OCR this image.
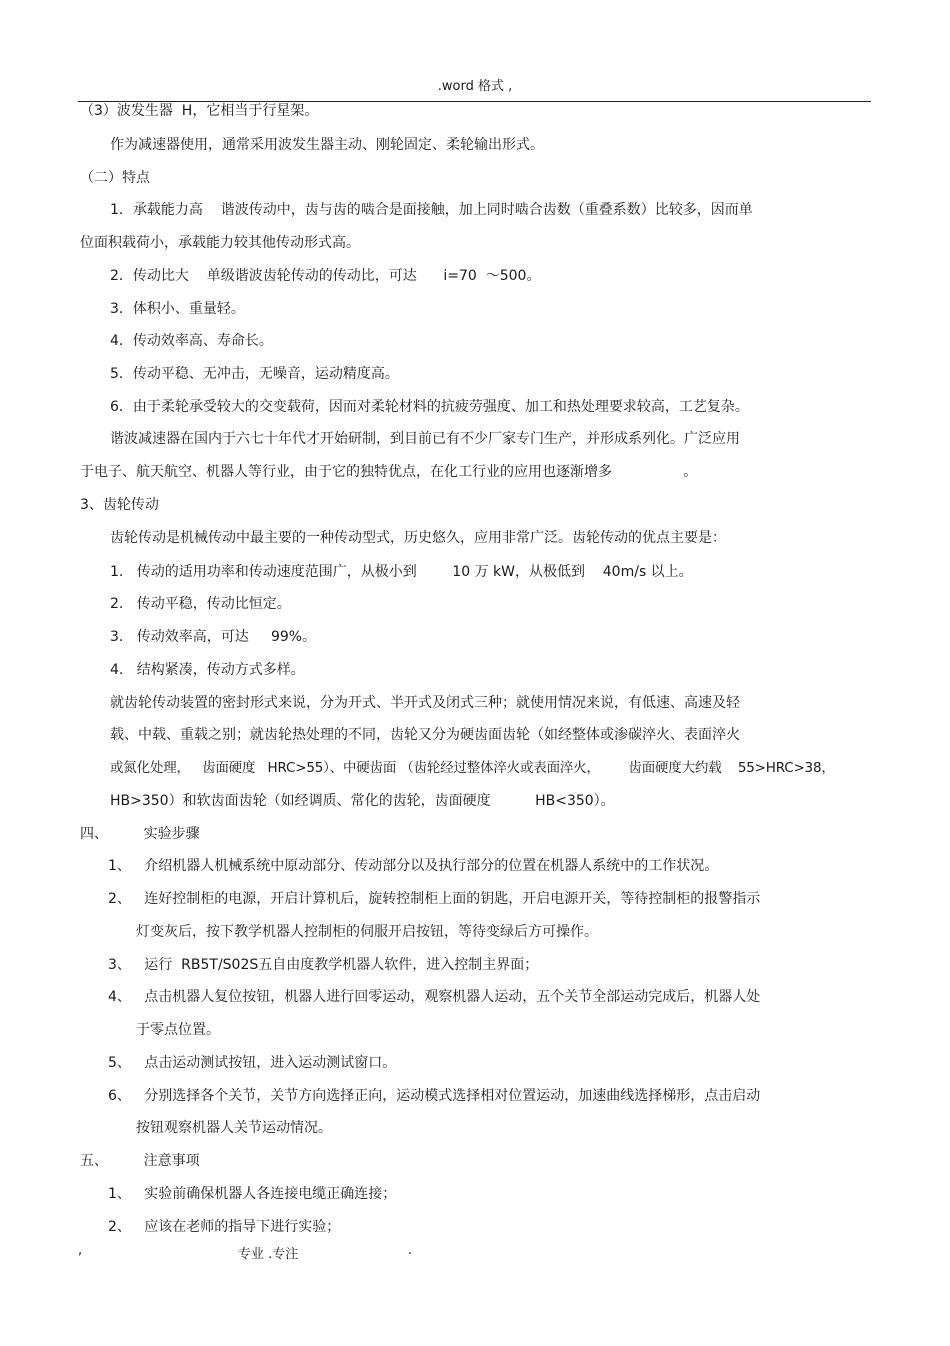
.word 格式 ,
（3）波发生器  H，它相当于行星架。
作为减速器使用，通常采用波发生器主动、刚轮固定、柔轮输出形式。
（二）特点
1．承载能力高    谐波传动中，齿与齿的啮合是面接触，加上同时啮合齿数（重叠系数）比较多，因而单
位面积载荷小，承载能力较其他传动形式高。
2．传动比大    单级谐波齿轮传动的传动比，可达      i=70  ～500。
3．体积小、重量轻。
4．传动效率高、寿命长。
5．传动平稳、无冲击，无噪音，运动精度高。
6．由于柔轮承受较大的交变载荷，因而对柔轮材料的抗疲劳强度、加工和热处理要求较高，工艺复杂。
谐波减速器在国内于六七十年代才开始研制，到目前已有不少厂家专门生产，并形成系列化。广泛应用
于电子、航天航空、机器人等行业，由于它的独特优点，在化工行业的应用也逐渐增多                。
3、齿轮传动
齿轮传动是机械传动中最主要的一种传动型式，历史悠久，应用非常广泛。齿轮传动的优点主要是：
1.   传动的适用功率和传动速度范围广，从极小到        10 万 kW，从极低到    40m/s 以上。
2.   传动平稳，传动比恒定。
3.   传动效率高，可达     99%。
4.   结构紧凑，传动方式多样。
就齿轮传动装置的密封形式来说，分为开式、半开式及闭式三种；就使用情况来说，有低速、高速及轻
载、中载、重载之别；就齿轮热处理的不同，齿轮又分为硬齿面齿轮（如经整体或渗碳淬火、表面淬火
或氮化处理，   齿面硬度   HRC>55）、中硬齿面 （齿轮经过整体淬火或表面淬火，       齿面硬度大约载    55>HRC>38，
HB>350）和软齿面齿轮（如经调质、常化的齿轮，齿面硬度          HB<350）。
四、        实验步骤
1、   介绍机器人机械系统中原动部分、传动部分以及执行部分的位置在机器人系统中的工作状况。
2、   连好控制柜的电源，开启计算机后，旋转控制柜上面的钥匙，开启电源开关，等待控制柜的报警指示
灯变灰后，按下教学机器人控制柜的伺服开启按钮，等待变绿后方可操作。
3、   运行  RB5T/S02S五自由度教学机器人软件，进入控制主界面；
4、   点击机器人复位按钮，机器人进行回零运动，观察机器人运动，五个关节全部运动完成后，机器人处
于零点位置。
5、   点击运动测试按钮，进入运动测试窗口。
6、   分别选择各个关节，关节方向选择正向，运动模式选择相对位置运动，加速曲线选择梯形，点击启动
按钮观察机器人关节运动情况。
五、        注意事项
1、   实验前确保机器人各连接电缆正确连接；
2、   应该在老师的指导下进行实验；
,	专业 .专注	.
